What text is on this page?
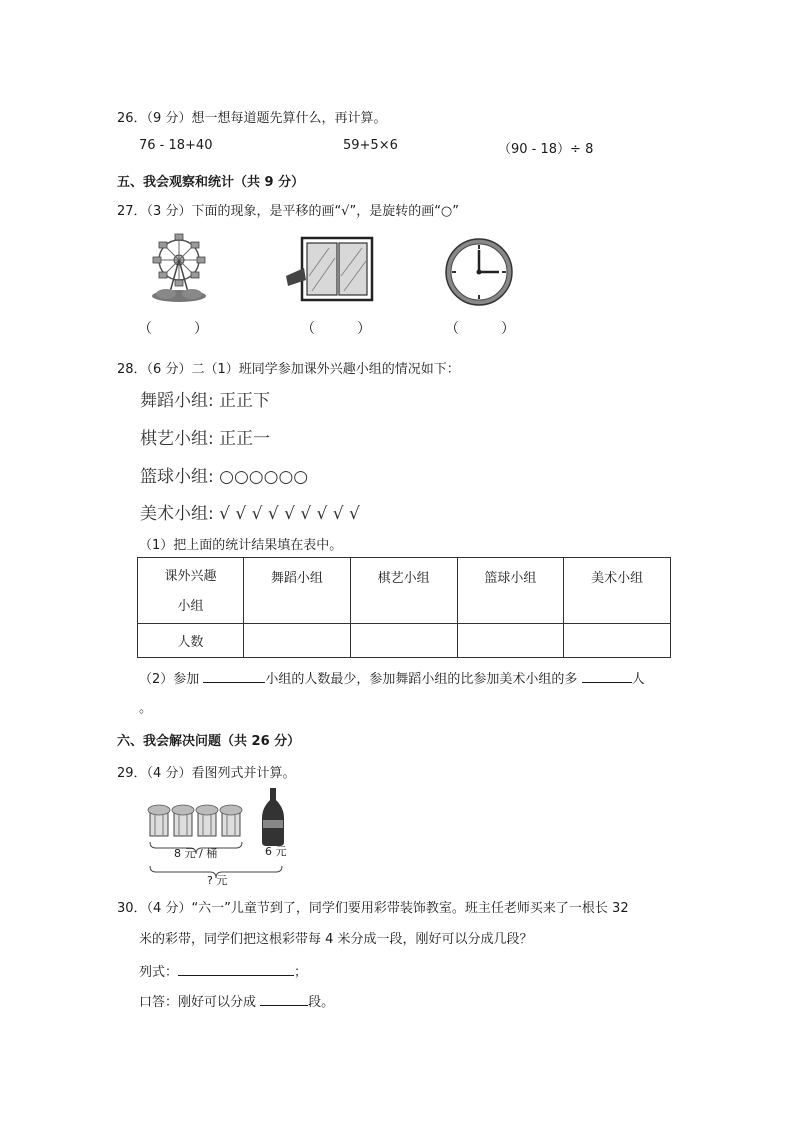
26．（9 分）想一想每道题先算什么，再计算。
76 - 18+40	59+5×6	（90 - 18）÷ 8
五、我会观察和统计（共 9 分）
27．（3 分）下面的现象，是平移的画“√”，是旋转的画“○”
（　　　）	（　　　）	（　　　）
28．（6 分）二（1）班同学参加课外兴趣小组的情况如下：
舞蹈小组: 正正下
棋艺小组: 正正一
篮球小组: ○○○○○○
美术小组: √ √ √ √ √ √ √ √ √
（1）把上面的统计结果填在表中。
课外兴趣
小组	舞蹈小组	棋艺小组	篮球小组	美术小组
人数				
（2）参加	小组的人数最少，参加舞蹈小组的比参加美术小组的多	人
。
六、我会解决问题（共 26 分）
29．（4 分）看图列式并计算。
8 元 / 桶	6 元
? 元
30．（4 分）“六一”儿童节到了，同学们要用彩带装饰教室。班主任老师买来了一根长 32
米的彩带，同学们把这根彩带每 4 米分成一段，刚好可以分成几段？
列式：	；
口答：刚好可以分成	段。
